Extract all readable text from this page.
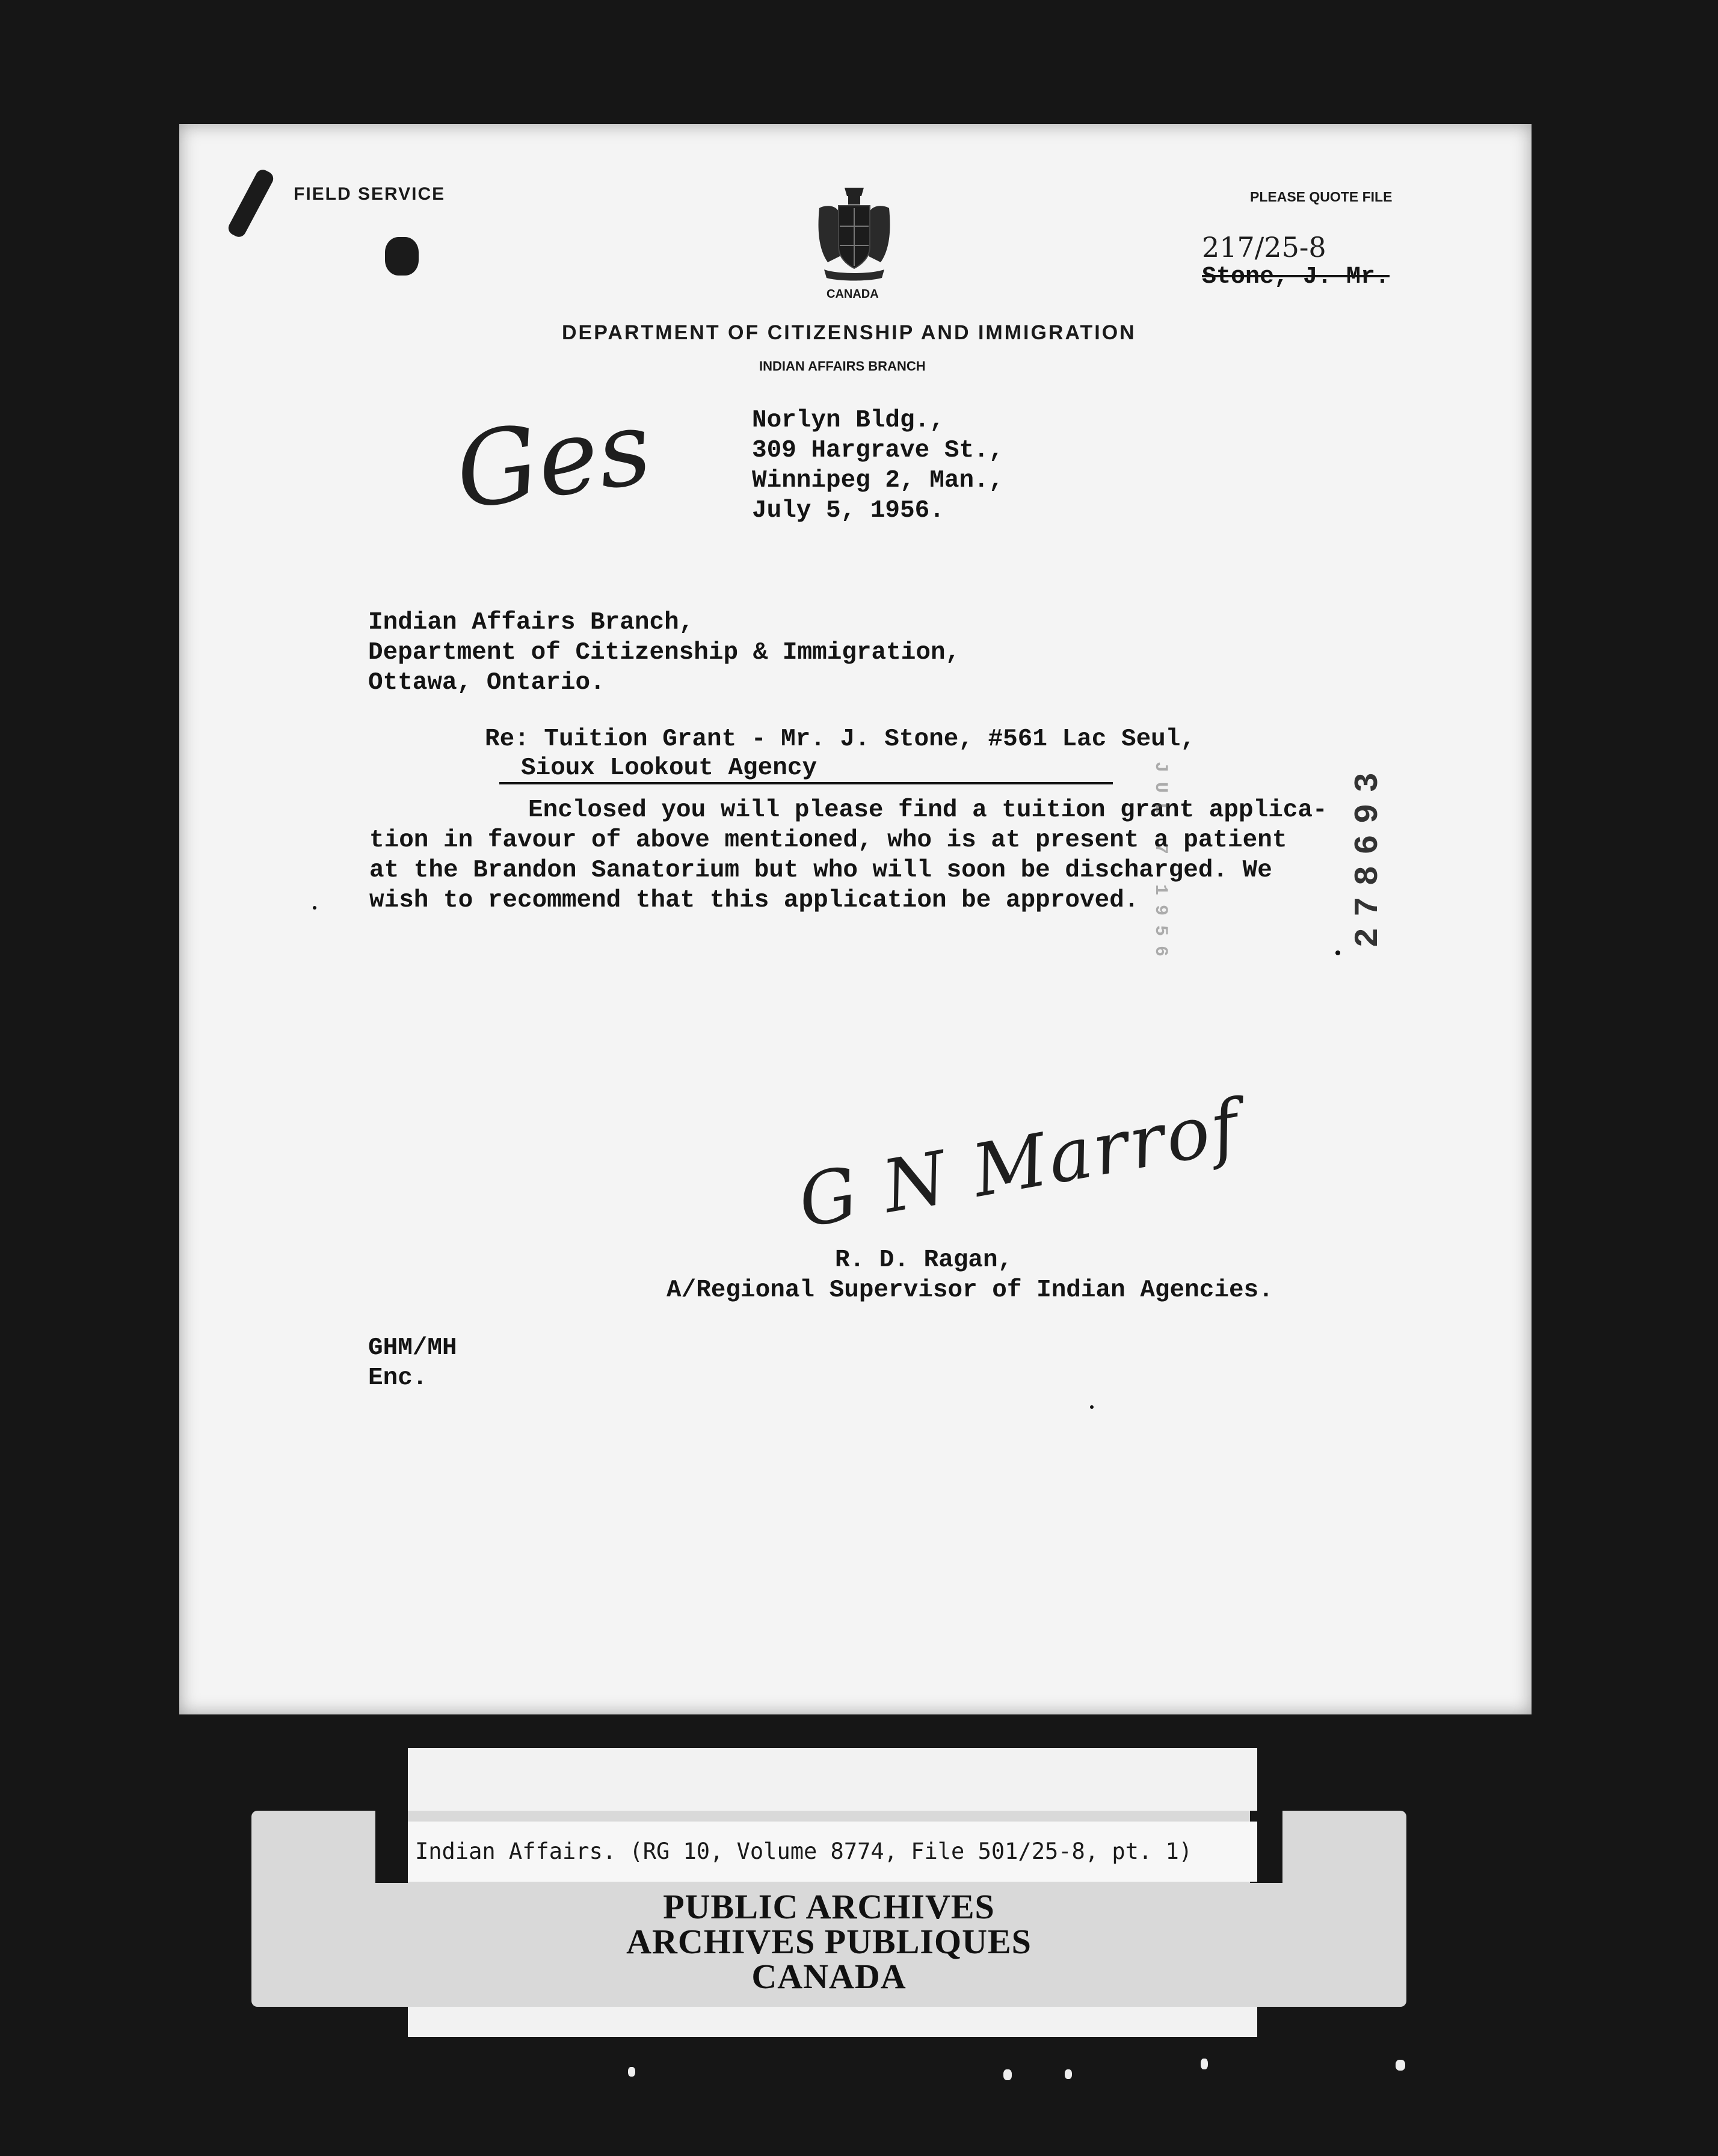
FIELD SERVICE	PLEASE QUOTE FILE
CANADA
DEPARTMENT OF CITIZENSHIP AND IMMIGRATION
INDIAN AFFAIRS BRANCH
217/25-8
Stone, J. Mr.
Ges	Norlyn Bldg.,
309 Hargrave St.,
Winnipeg 2, Man.,
July 5, 1956.
Indian Affairs Branch,
Department of Citizenship & Immigration,
Ottawa, Ontario.
Re: Tuition Grant - Mr. J. Stone, #561 Lac Seul,
Sioux Lookout Agency
Enclosed you will please find a tuition grant applica-
tion in favour of above mentioned, who is at present a patient
at the Brandon Sanatorium but who will soon be discharged. We
wish to recommend that this application be approved. JUL 7 1956	278693
G N Marrof
R. D. Ragan,
A/Regional Supervisor of Indian Agencies.
GHM/MH
Enc.
PUBLIC ARCHIVES
ARCHIVES PUBLIQUES
CANADA
Indian Affairs. (RG 10, Volume 8774, File 501/25-8, pt. 1)
